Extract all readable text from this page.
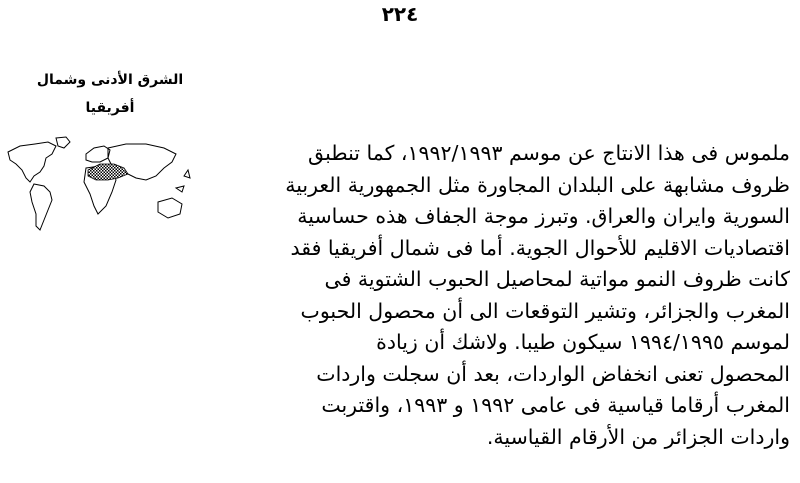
٢٢٤
الشرق الأدنى وشمال
أفريقيا
ملموس فى هذا الانتاج عن موسم ١٩٩٢/١٩٩٣، كما تنطبق
ظروف مشابهة على البلدان المجاورة مثل الجمهورية العربية
السورية وايران والعراق. وتبرز موجة الجفاف هذه حساسية
اقتصاديات الاقليم للأحوال الجوية. أما فى شمال أفريقيا فقد
كانت ظروف النمو مواتية لمحاصيل الحبوب الشتوية فى
المغرب والجزائر، وتشير التوقعات الى أن محصول الحبوب
لموسم ١٩٩٤/١٩٩٥ سيكون طيبا. ولاشك أن زيادة
المحصول تعنى انخفاض الواردات، بعد أن سجلت واردات
المغرب أرقاما قياسية فى عامى ١٩٩٢ و ١٩٩٣، واقتربت
واردات الجزائر من الأرقام القياسية.
